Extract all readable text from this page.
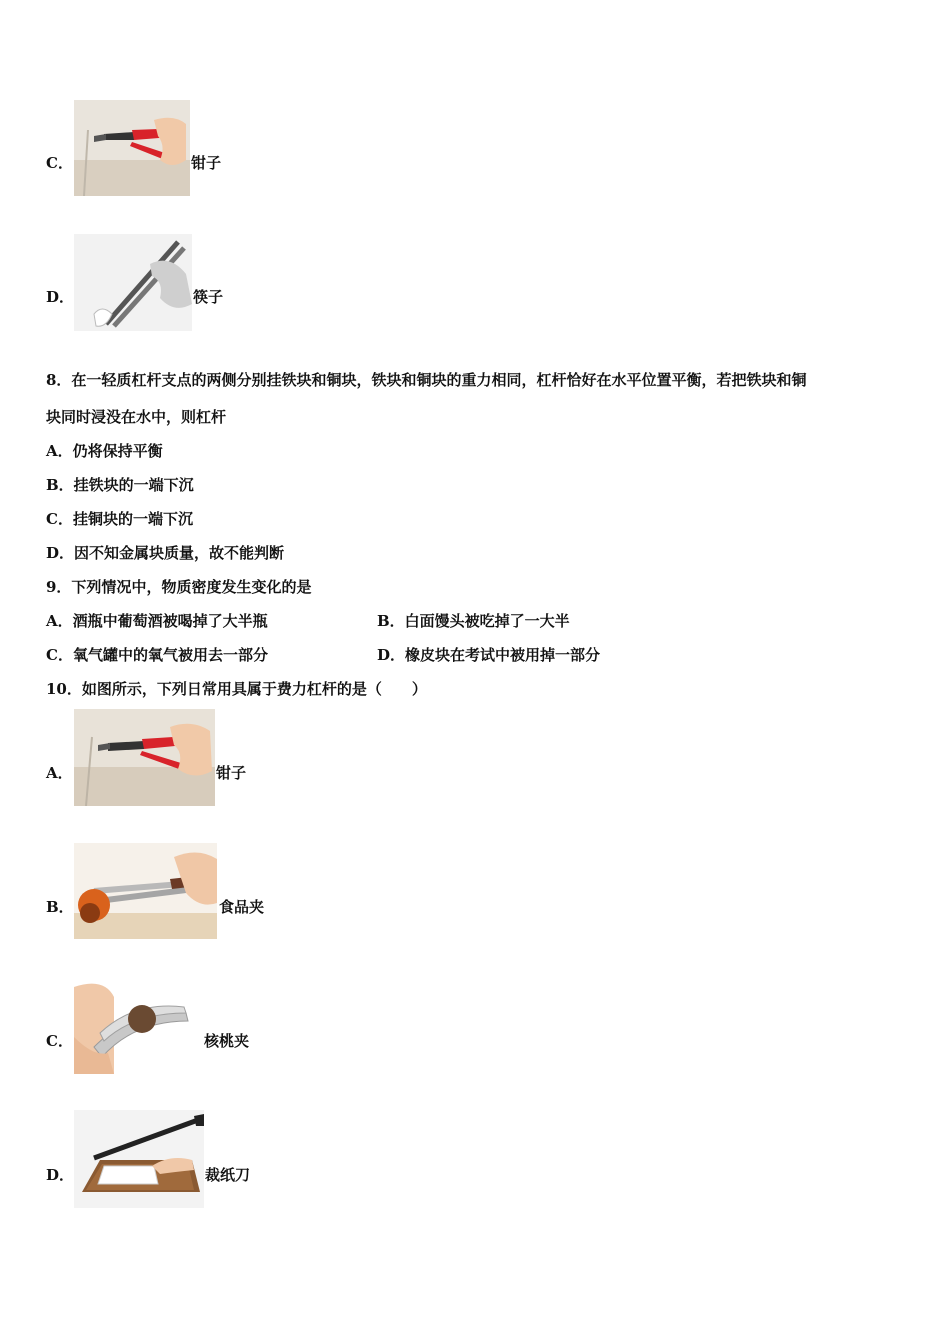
C．	钳子
D．	筷子
8．在一轻质杠杆支点的两侧分别挂铁块和铜块，铁块和铜块的重力相同，杠杆恰好在水平位置平衡，若把铁块和铜
块同时浸没在水中，则杠杆
A．仍将保持平衡
B．挂铁块的一端下沉
C．挂铜块的一端下沉
D．因不知金属块质量，故不能判断
9．下列情况中，物质密度发生变化的是
A．酒瓶中葡萄酒被喝掉了大半瓶	B．白面馒头被吃掉了一大半
C．氧气罐中的氧气被用去一部分	D．橡皮块在考试中被用掉一部分
10．如图所示，下列日常用具属于费力杠杆的是（　　）
A．	钳子
B．	食品夹
C．	核桃夹
D．	裁纸刀
